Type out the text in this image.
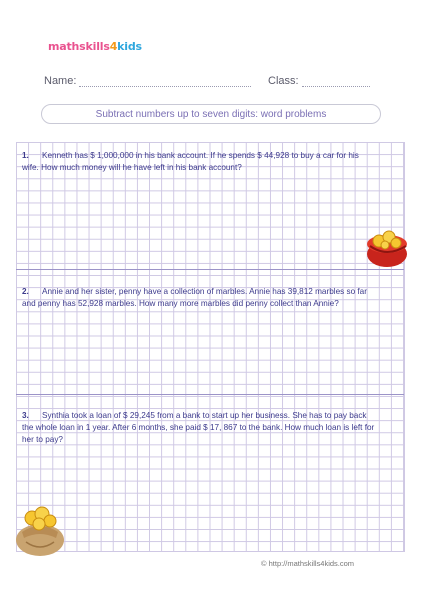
mathskills4kids
Name:	Class:
Subtract numbers up to seven digits: word problems
1. Kenneth has $ 1,000,000 in his bank account. If he spends $ 44,928 to buy a car for his wife. How much money will he have left in his bank account?
2. Annie and her sister, penny have a collection of marbles. Annie has 39,812 marbles so far and penny has 52,928 marbles. How many more marbles did penny collect than Annie?
3. Synthia took a loan of $ 29,245 from a bank to start up her business. She has to pay back the whole loan in 1 year. After 6 months, she paid $ 17, 867 to the bank. How much loan is left for her to pay?
© http://mathskills4kids.com
